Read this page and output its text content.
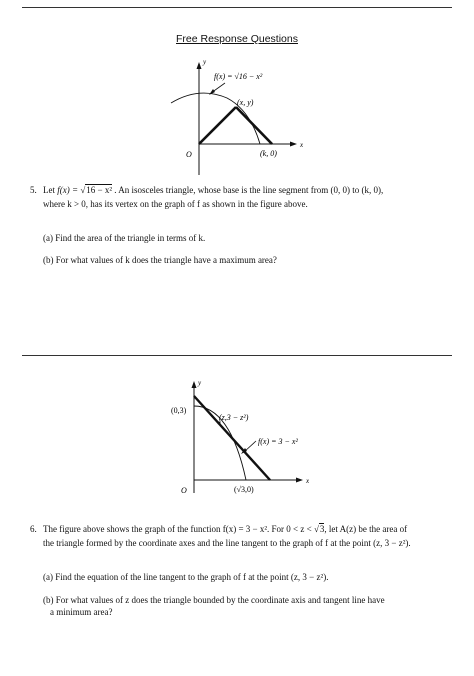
Free Response Questions
y
x
O
f(x) = √16 − x²
(x, y)
(k, 0)
5. Let f(x) = √16 − x² . An isosceles triangle, whose base is the line segment from (0, 0) to (k, 0),
where k > 0, has its vertex on the graph of f as shown in the figure above.
(a) Find the area of the triangle in terms of k.
(b) For what values of k does the triangle have a maximum area?
y
x
O
(0,3)
(z,3 − z²)
f(x) = 3 − x²
(√3,0)
6. The figure above shows the graph of the function f(x) = 3 − x². For 0 < z < √3, let A(z) be the area of
the triangle formed by the coordinate axes and the line tangent to the graph of f at the point (z, 3 − z²).
(a) Find the equation of the line tangent to the graph of f at the point (z, 3 − z²).
(b) For what values of z does the triangle bounded by the coordinate axis and tangent line have
a minimum area?
